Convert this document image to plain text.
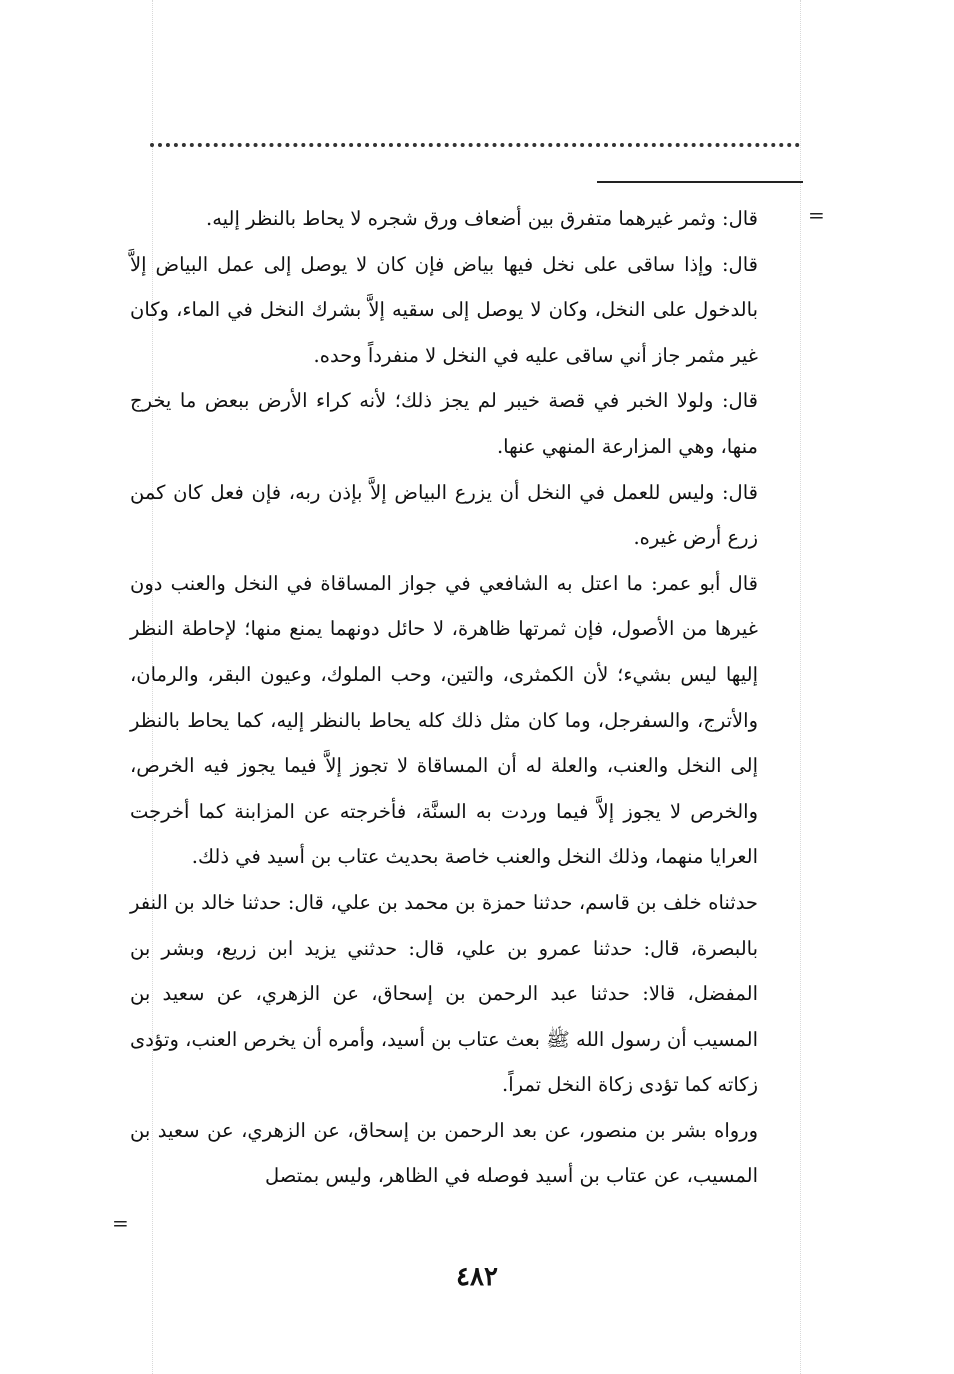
=

قال: وثمر غيرهما متفرق بين أضعاف ورق شجره لا يحاط بالنظر إليه.

قال: وإذا ساقى على نخل فيها بياض فإن كان لا يوصل إلى عمل البياض إلاَّ بالدخول على النخل، وكان لا يوصل إلى سقيه إلاَّ بشرك النخل في الماء، وكان غير مثمر جاز أني ساقى عليه في النخل لا منفرداً وحده.

قال: ولولا الخبر في قصة خيبر لم يجز ذلك؛ لأنه كراء الأرض ببعض ما يخرج منها، وهي المزارعة المنهي عنها.

قال: وليس للعمل في النخل أن يزرع البياض إلاَّ بإذن ربه، فإن فعل كان كمن زرع أرض غيره.

قال أبو عمر: ما اعتل به الشافعي في جواز المساقاة في النخل والعنب دون غيرها من الأصول، فإن ثمرتها ظاهرة، لا حائل دونهما يمنع منها؛ لإحاطة النظر إليها ليس بشيء؛ لأن الكمثرى، والتين، وحب الملوك، وعيون البقر، والرمان، والأترج، والسفرجل، وما كان مثل ذلك كله يحاط بالنظر إليه، كما يحاط بالنظر إلى النخل والعنب، والعلة له أن المساقاة لا تجوز إلاَّ فيما يجوز فيه الخرص، والخرص لا يجوز إلاَّ فيما وردت به السنَّة، فأخرجته عن المزابنة كما أخرجت العرايا منهما، وذلك النخل والعنب خاصة بحديث عتاب بن أسيد في ذلك.

حدثناه خلف بن قاسم، حدثنا حمزة بن محمد بن علي، قال: حدثنا خالد بن النفر بالبصرة، قال: حدثنا عمرو بن علي، قال: حدثني يزيد ابن زريع، وبشر بن المفضل، قالا: حدثنا عبد الرحمن بن إسحاق، عن الزهري، عن سعيد بن المسيب أن رسول الله ﷺ بعث عتاب بن أسيد، وأمره أن يخرص العنب، وتؤدى زكاته كما تؤدى زكاة النخل تمراً.

ورواه بشر بن منصور، عن بعد الرحمن بن إسحاق، عن الزهري، عن سعيد بن المسيب، عن عتاب بن أسيد فوصله في الظاهر، وليس بمتصل

=
٤٨٢
